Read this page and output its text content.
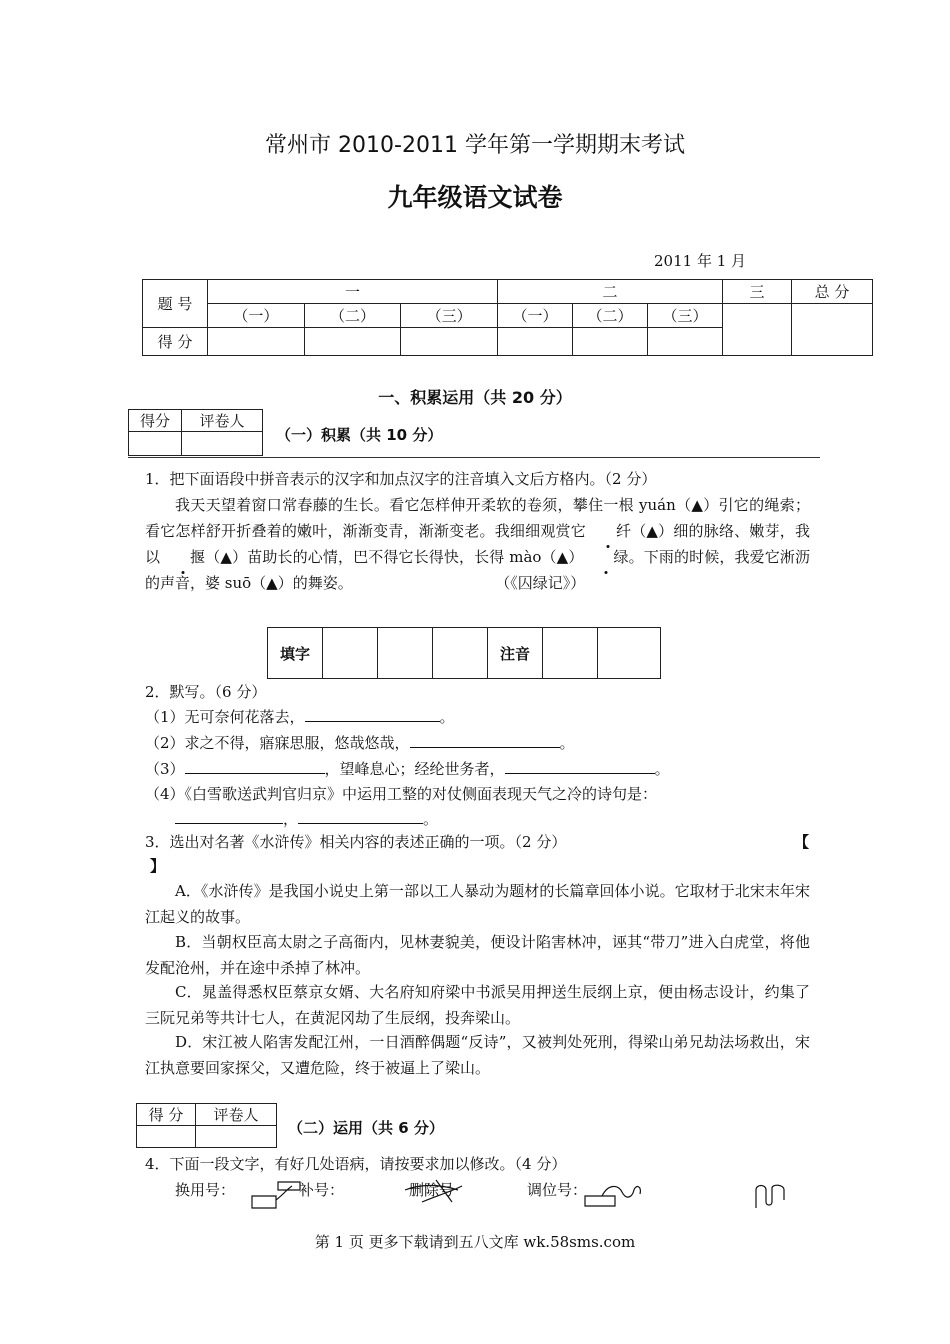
常州市 2010-2011 学年第一学期期末考试
九年级语文试卷
2011 年 1 月
题 号	一			二			三	总 分
	（一）	（二）	（三）	（一）	（二）	（三）		
得 分								
一、积累运用（共 20 分）
得分	评卷人

（一）积累（共 10 分）
1．把下面语段中拼音表示的汉字和加点汉字的注音填入文后方格内。（2 分）
我天天望着窗口常春藤的生长。看它怎样伸开柔软的卷须，攀住一根 yuán（▲）引它的绳索；看它怎样舒开折叠着的嫩叶，渐渐变青，渐渐变老。我细细观赏它 纤（▲）细的脉络、嫩芽，我以 揠（▲）苗助长的心情，巴不得它长得快，长得 mào（▲） 绿。下雨的时候，我爱它淅沥的声音，婆 suō（▲）的舞姿。	（《囚绿记》）
填字				注音		
2．默写。（6 分）
（1）无可奈何花落去，	。
（2）求之不得，寤寐思服，悠哉悠哉，	。
（3）	，望峰息心；经纶世务者，	。
（4）《白雪歌送武判官归京》中运用工整的对仗侧面表现天气之冷的诗句是：
，	。
3．选出对名著《水浒传》相关内容的表述正确的一项。（2 分）	【
】
A．《水浒传》是我国小说史上第一部以工人暴动为题材的长篇章回体小说。它取材于北宋末年宋江起义的故事。
B．当朝权臣高太尉之子高衙内，见林妻貌美，便设计陷害林冲，诬其“带刀”进入白虎堂，将他发配沧州，并在途中杀掉了林冲。
C．晁盖得悉权臣蔡京女婿、大名府知府梁中书派吴用押送生辰纲上京，便由杨志设计，约集了三阮兄弟等共计七人，在黄泥冈劫了生辰纲，投奔梁山。
D．宋江被人陷害发配江州，一日酒醉偶题“反诗”，又被判处死刑，得梁山弟兄劫法场救出，宋江执意要回家探父，又遭危险，终于被逼上了梁山。
得 分	评卷人

（二）运用（共 6 分）
4．下面一段文字，有好几处语病，请按要求加以修改。（4 分）
换用号：	补号：	删除号	调位号：
第 1 页 更多下载请到五八文库 wk.58sms.com
